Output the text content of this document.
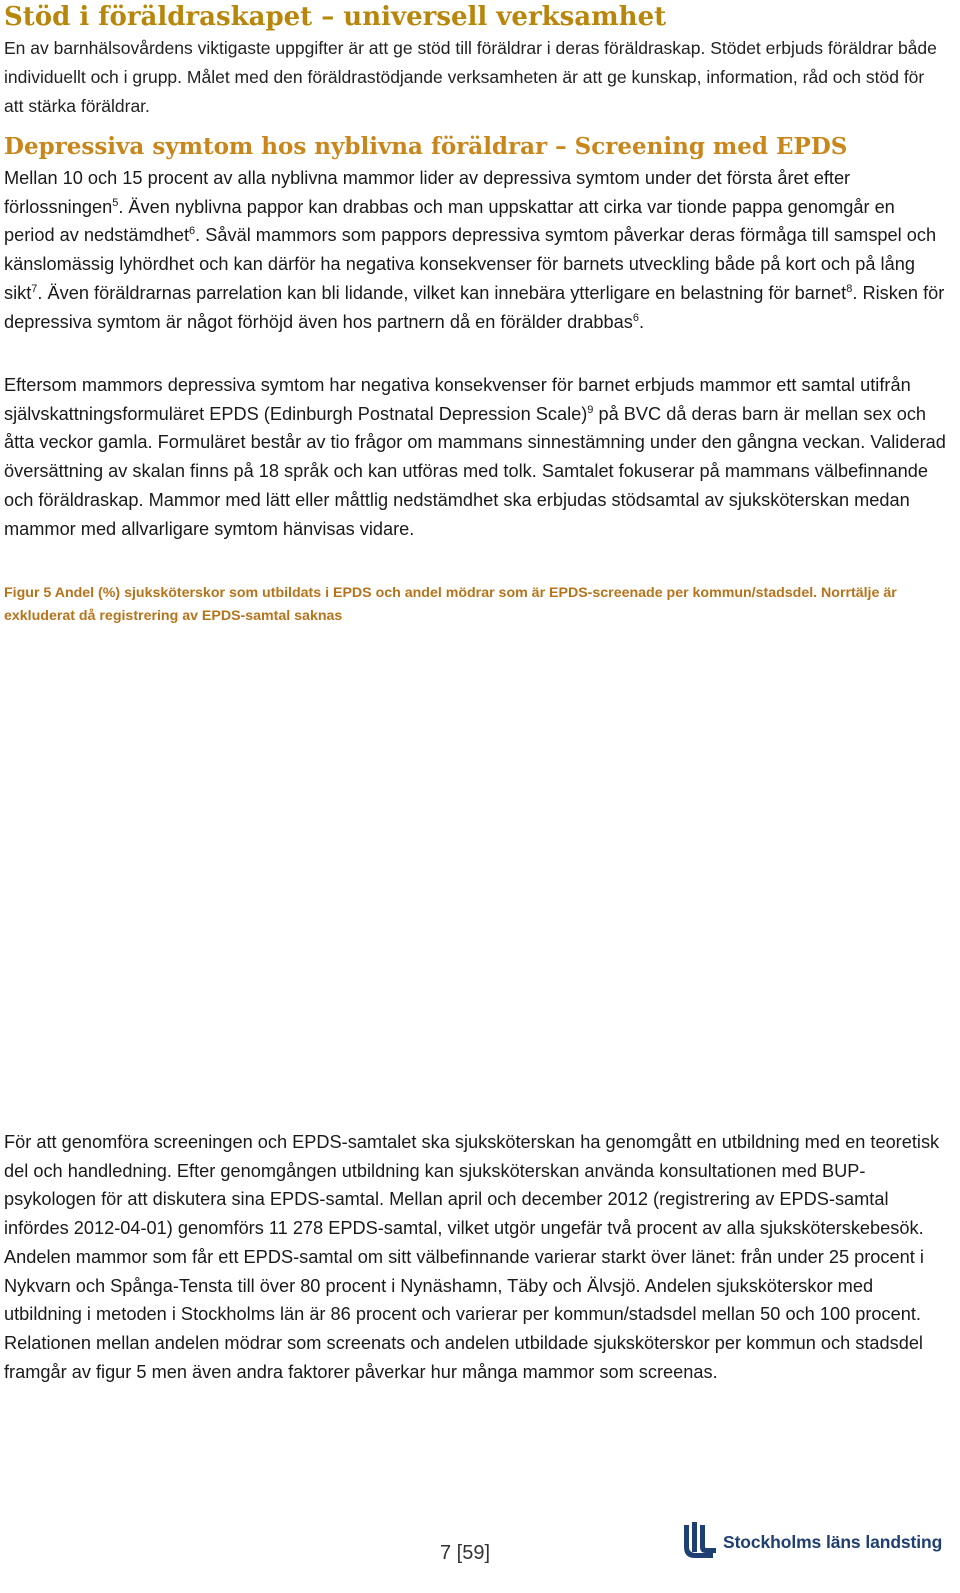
Stöd i föräldraskapet – universell verksamhet

En av barnhälsovårdens viktigaste uppgifter är att ge stöd till föräldrar i deras föräldraskap. Stödet erbjuds föräldrar både individuellt och i grupp. Målet med den föräldrastödjande verksamheten är att ge kunskap, information, råd och stöd för att stärka föräldrar.

Depressiva symtom hos nyblivna föräldrar – Screening med EPDS

Mellan 10 och 15 procent av alla nyblivna mammor lider av depressiva symtom under det första året efter förlossningen$^5$. Även nyblivna pappor kan drabbas och man uppskattar att cirka var tionde pappa genomgår en period av nedstämdhet$^6$. Såväl mammors som pappors depressiva symtom påverkar deras förmåga till samspel och känslomässig lyhördhet och kan därför ha negativa konsekvenser för barnets utveckling både på kort och på lång sikt$^7$. Även föräldrarnas parrelation kan bli lidande, vilket kan innebära ytterligare en belastning för barnet$^8$. Risken för depressiva symtom är något förhöjd även hos partnern då en förälder drabbas$^6$.

Eftersom mammors depressiva symtom har negativa konsekvenser för barnet erbjuds mammor ett samtal utifrån självskattningsformuläret EPDS (Edinburgh Postnatal Depression Scale)$^9$ på BVC då deras barn är mellan sex och åtta veckor gamla. Formuläret består av tio frågor om mammans sinnestämning under den gångna veckan. Validerad översättning av skalan finns på 18 språk och kan utföras med tolk. Samtalet fokuserar på mammans välbefinnande och föräldraskap. Mammor med lätt eller måttlig nedstämdhet ska erbjudas stödsamtal av sjuksköterskan medan mammor med allvarligare symtom hänvisas vidare.

Figur 5 Andel (%) sjuksköterskor som utbildats i EPDS och andel mödrar som är EPDS-screenade per kommun/stadsdel. Norrtälje är exkluderat då registrering av EPDS-samtal saknas

För att genomföra screeningen och EPDS-samtalet ska sjuksköterskan ha genomgått en utbildning med en teoretisk del och handledning. Efter genomgången utbildning kan sjuksköterskan använda konsultationen med BUP-psykologen för att diskutera sina EPDS-samtal. Mellan april och december 2012 (registrering av EPDS-samtal infördes 2012-04-01) genomförs 11 278 EPDS-samtal, vilket utgör ungefär två procent av alla sjuksköterskebesök. Andelen mammor som får ett EPDS-samtal om sitt välbefinnande varierar starkt över länet: från under 25 procent i Nykvarn och Spånga-Tensta till över 80 procent i Nynäshamn, Täby och Älvsjö. Andelen sjuksköterskor med utbildning i metoden i Stockholms län är 86 procent och varierar per kommun/stadsdel mellan 50 och 100 procent. Relationen mellan andelen mödrar som screenats och andelen utbildade sjuksköterskor per kommun och stadsdel framgår av figur 5 men även andra faktorer påverkar hur många mammor som screenas.

7 [59]
Stockholms läns landsting
